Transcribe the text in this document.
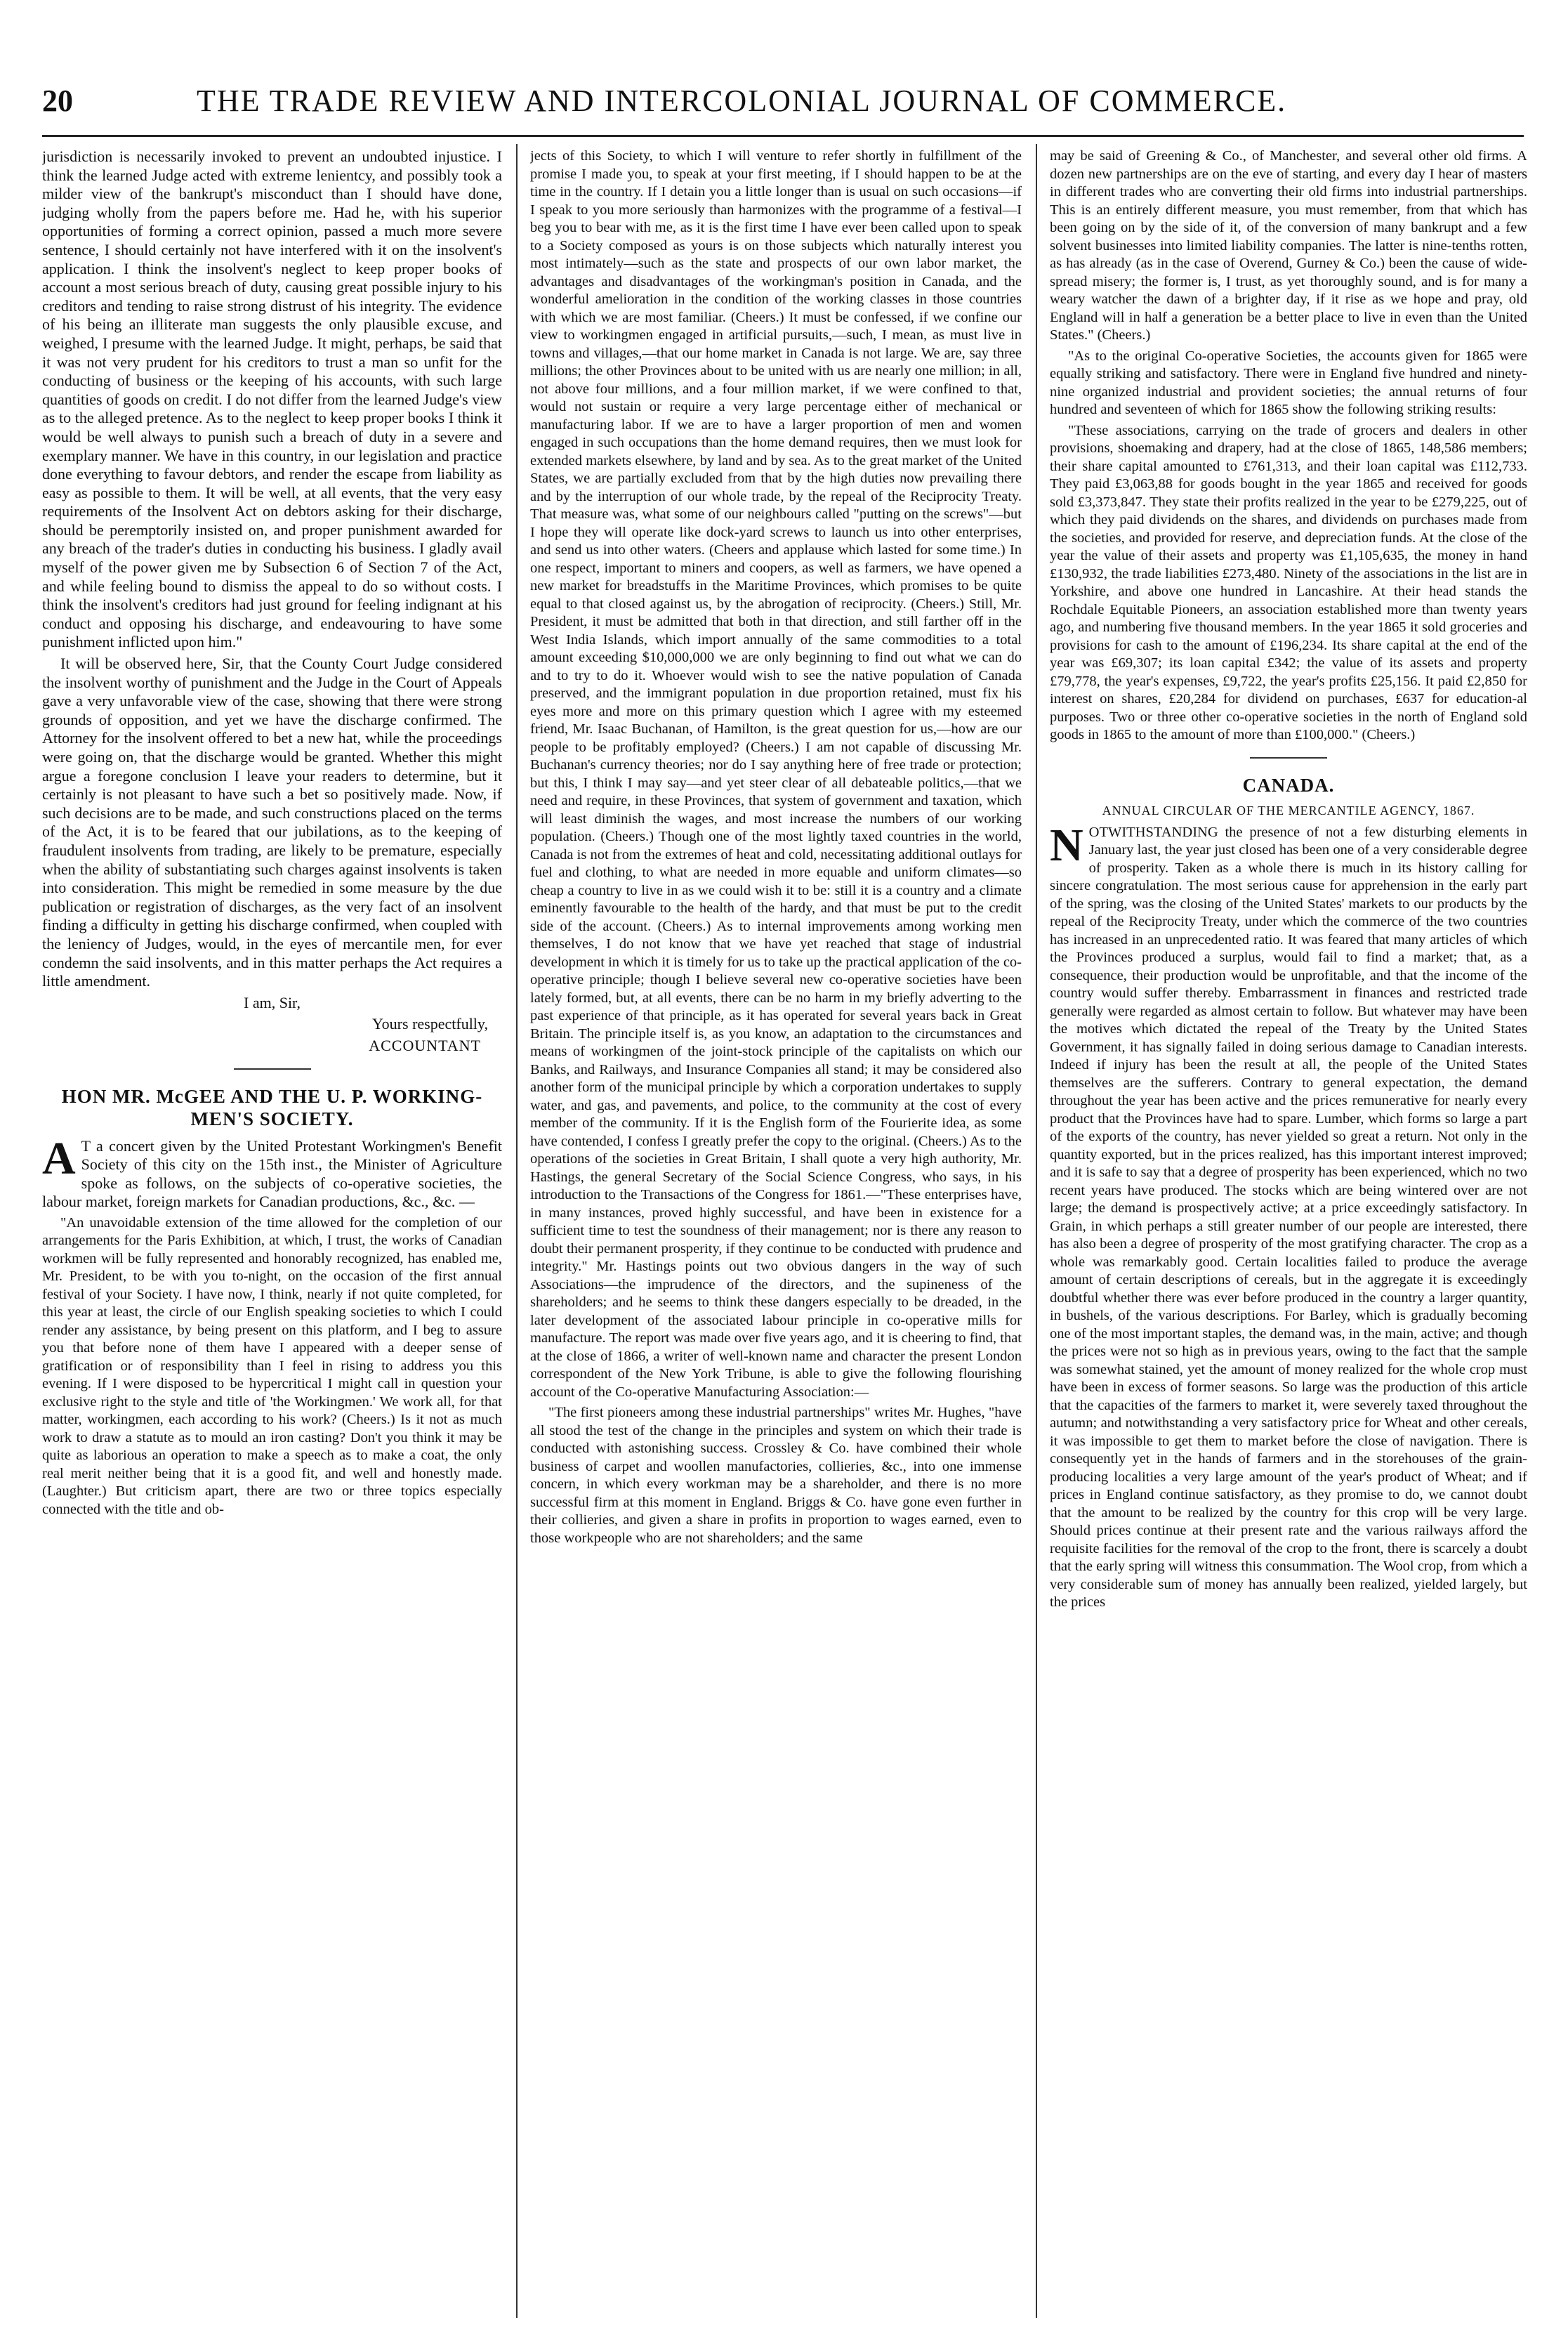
20	THE TRADE REVIEW AND INTERCOLONIAL JOURNAL OF COMMERCE.

jurisdiction is necessarily invoked to prevent an undoubted injustice. I think the learned Judge acted with extreme lenientcy, and possibly took a milder view of the bankrupt's misconduct than I should have done, judging wholly from the papers before me. Had he, with his superior opportunities of forming a correct opinion, passed a much more severe sentence, I should certainly not have interfered with it on the insolvent's application. I think the insolvent's neglect to keep proper books of account a most serious breach of duty, causing great possible injury to his creditors and tending to raise strong distrust of his integrity. The evidence of his being an illiterate man suggests the only plausible excuse, and weighed, I presume with the learned Judge. It might, perhaps, be said that it was not very prudent for his creditors to trust a man so unfit for the conducting of business or the keeping of his accounts, with such large quantities of goods on credit. I do not differ from the learned Judge's view as to the alleged pretence. As to the neglect to keep proper books I think it would be well always to punish such a breach of duty in a severe and exemplary manner. We have in this country, in our legislation and practice done everything to favour debtors, and render the escape from liability as easy as possible to them. It will be well, at all events, that the very easy requirements of the Insolvent Act on debtors asking for their discharge, should be peremptorily insisted on, and proper punishment awarded for any breach of the trader's duties in conducting his business. I gladly avail myself of the power given me by Subsection 6 of Section 7 of the Act, and while feeling bound to dismiss the appeal to do so without costs. I think the insolvent's creditors had just ground for feeling indignant at his conduct and opposing his discharge, and endeavouring to have some punishment inflicted upon him."

It will be observed here, Sir, that the County Court Judge considered the insolvent worthy of punishment and the Judge in the Court of Appeals gave a very unfavorable view of the case, showing that there were strong grounds of opposition, and yet we have the discharge confirmed. The Attorney for the insolvent offered to bet a new hat, while the proceedings were going on, that the discharge would be granted. Whether this might argue a foregone conclusion I leave your readers to determine, but it certainly is not pleasant to have such a bet so positively made. Now, if such decisions are to be made, and such constructions placed on the terms of the Act, it is to be feared that our jubilations, as to the keeping of fraudulent insolvents from trading, are likely to be premature, especially when the ability of substantiating such charges against insolvents is taken into consideration. This might be remedied in some measure by the due publication or registration of discharges, as the very fact of an insolvent finding a difficulty in getting his discharge confirmed, when coupled with the leniency of Judges, would, in the eyes of mercantile men, for ever condemn the said insolvents, and in this matter perhaps the Act requires a little amendment.

I am, Sir,

Yours respectfully,

ACCOUNTANT

HON MR. McGEE AND THE U. P. WORKING-MEN'S SOCIETY.

A T a concert given by the United Protestant Workingmen's Benefit Society of this city on the 15th inst., the Minister of Agriculture spoke as follows, on the subjects of co-operative societies, the labour market, foreign markets for Canadian productions, &c., &c. —

"An unavoidable extension of the time allowed for the completion of our arrangements for the Paris Exhibition, at which, I trust, the works of Canadian workmen will be fully represented and honorably recognized, has enabled me, Mr. President, to be with you to-night, on the occasion of the first annual festival of your Society. I have now, I think, nearly if not quite completed, for this year at least, the circle of our English speaking societies to which I could render any assistance, by being present on this platform, and I beg to assure you that before none of them have I appeared with a deeper sense of gratification or of responsibility than I feel in rising to address you this evening. If I were disposed to be hypercritical I might call in question your exclusive right to the style and title of 'the Workingmen.' We work all, for that matter, workingmen, each according to his work? (Cheers.) Is it not as much work to draw a statute as to mould an iron casting? Don't you think it may be quite as laborious an operation to make a speech as to make a coat, the only real merit neither being that it is a good fit, and well and honestly made. (Laughter.) But criticism apart, there are two or three topics especially connected with the title and ob-

jects of this Society, to which I will venture to refer shortly in fulfillment of the promise I made you, to speak at your first meeting, if I should happen to be at the time in the country. If I detain you a little longer than is usual on such occasions—if I speak to you more seriously than harmonizes with the programme of a festival—I beg you to bear with me, as it is the first time I have ever been called upon to speak to a Society composed as yours is on those subjects which naturally interest you most intimately—such as the state and prospects of our own labor market, the advantages and disadvantages of the workingman's position in Canada, and the wonderful amelioration in the condition of the working classes in those countries with which we are most familiar. (Cheers.) It must be confessed, if we confine our view to workingmen engaged in artificial pursuits,—such, I mean, as must live in towns and villages,—that our home market in Canada is not large. We are, say three millions; the other Provinces about to be united with us are nearly one million; in all, not above four millions, and a four million market, if we were confined to that, would not sustain or require a very large percentage either of mechanical or manufacturing labor. If we are to have a larger proportion of men and women engaged in such occupations than the home demand requires, then we must look for extended markets elsewhere, by land and by sea. As to the great market of the United States, we are partially excluded from that by the high duties now prevailing there and by the interruption of our whole trade, by the repeal of the Reciprocity Treaty. That measure was, what some of our neighbours called "putting on the screws"—but I hope they will operate like dock-yard screws to launch us into other enterprises, and send us into other waters. (Cheers and applause which lasted for some time.) In one respect, important to miners and coopers, as well as farmers, we have opened a new market for breadstuffs in the Maritime Provinces, which promises to be quite equal to that closed against us, by the abrogation of reciprocity. (Cheers.) Still, Mr. President, it must be admitted that both in that direction, and still farther off in the West India Islands, which import annually of the same commodities to a total amount exceeding $10,000,000 we are only beginning to find out what we can do and to try to do it. Whoever would wish to see the native population of Canada preserved, and the immigrant population in due proportion retained, must fix his eyes more and more on this primary question which I agree with my esteemed friend, Mr. Isaac Buchanan, of Hamilton, is the great question for us,—how are our people to be profitably employed? (Cheers.) I am not capable of discussing Mr. Buchanan's currency theories; nor do I say anything here of free trade or protection; but this, I think I may say—and yet steer clear of all debateable politics,—that we need and require, in these Provinces, that system of government and taxation, which will least diminish the wages, and most increase the numbers of our working population. (Cheers.) Though one of the most lightly taxed countries in the world, Canada is not from the extremes of heat and cold, necessitating additional outlays for fuel and clothing, to what are needed in more equable and uniform climates—so cheap a country to live in as we could wish it to be: still it is a country and a climate eminently favourable to the health of the hardy, and that must be put to the credit side of the account. (Cheers.) As to internal improvements among working men themselves, I do not know that we have yet reached that stage of industrial development in which it is timely for us to take up the practical application of the co-operative principle; though I believe several new co-operative societies have been lately formed, but, at all events, there can be no harm in my briefly adverting to the past experience of that principle, as it has operated for several years back in Great Britain. The principle itself is, as you know, an adaptation to the circumstances and means of workingmen of the joint-stock principle of the capitalists on which our Banks, and Railways, and Insurance Companies all stand; it may be considered also another form of the municipal principle by which a corporation undertakes to supply water, and gas, and pavements, and police, to the community at the cost of every member of the community. If it is the English form of the Fourierite idea, as some have contended, I confess I greatly prefer the copy to the original. (Cheers.) As to the operations of the societies in Great Britain, I shall quote a very high authority, Mr. Hastings, the general Secretary of the Social Science Congress, who says, in his introduction to the Transactions of the Congress for 1861.—"These enterprises have, in many instances, proved highly successful, and have been in existence for a sufficient time to test the soundness of their management; nor is there any reason to doubt their permanent prosperity, if they continue to be conducted with prudence and integrity." Mr. Hastings points out two obvious dangers in the way of such Associations—the imprudence of the directors, and the supineness of the shareholders; and he seems to think these dangers especially to be dreaded, in the later development of the associated labour principle in co-operative mills for manufacture. The report was made over five years ago, and it is cheering to find, that at the close of 1866, a writer of well-known name and character the present London correspondent of the New York Tribune, is able to give the following flourishing account of the Co-operative Manufacturing Association:—

"The first pioneers among these industrial partnerships" writes Mr. Hughes, "have all stood the test of the change in the principles and system on which their trade is conducted with astonishing success. Crossley & Co. have combined their whole business of carpet and woollen manufactories, collieries, &c., into one immense concern, in which every workman may be a shareholder, and there is no more successful firm at this moment in England. Briggs & Co. have gone even further in their collieries, and given a share in profits in proportion to wages earned, even to those workpeople who are not shareholders; and the same

may be said of Greening & Co., of Manchester, and several other old firms. A dozen new partnerships are on the eve of starting, and every day I hear of masters in different trades who are converting their old firms into industrial partnerships. This is an entirely different measure, you must remember, from that which has been going on by the side of it, of the conversion of many bankrupt and a few solvent businesses into limited liability companies. The latter is nine-tenths rotten, as has already (as in the case of Overend, Gurney & Co.) been the cause of wide-spread misery; the former is, I trust, as yet thoroughly sound, and is for many a weary watcher the dawn of a brighter day, if it rise as we hope and pray, old England will in half a generation be a better place to live in even than the United States." (Cheers.)

"As to the original Co-operative Societies, the accounts given for 1865 were equally striking and satisfactory. There were in England five hundred and ninety-nine organized industrial and provident societies; the annual returns of four hundred and seventeen of which for 1865 show the following striking results:

"These associations, carrying on the trade of grocers and dealers in other provisions, shoemaking and drapery, had at the close of 1865, 148,586 members; their share capital amounted to £761,313, and their loan capital was £112,733. They paid £3,063,88 for goods bought in the year 1865 and received for goods sold £3,373,847. They state their profits realized in the year to be £279,225, out of which they paid dividends on the shares, and dividends on purchases made from the societies, and provided for reserve, and depreciation funds. At the close of the year the value of their assets and property was £1,105,635, the money in hand £130,932, the trade liabilities £273,480. Ninety of the associations in the list are in Yorkshire, and above one hundred in Lancashire. At their head stands the Rochdale Equitable Pioneers, an association established more than twenty years ago, and numbering five thousand members. In the year 1865 it sold groceries and provisions for cash to the amount of £196,234. Its share capital at the end of the year was £69,307; its loan capital £342; the value of its assets and property £79,778, the year's expenses, £9,722, the year's profits £25,156. It paid £2,850 for interest on shares, £20,284 for dividend on purchases, £637 for education-al purposes. Two or three other co-operative societies in the north of England sold goods in 1865 to the amount of more than £100,000." (Cheers.)

CANADA.
ANNUAL CIRCULAR OF THE MERCANTILE AGENCY, 1867.

NOTWITHSTANDING the presence of not a few disturbing elements in January last, the year just closed has been one of a very considerable degree of prosperity. Taken as a whole there is much in its history calling for sincere congratulation. The most serious cause for apprehension in the early part of the spring, was the closing of the United States' markets to our products by the repeal of the Reciprocity Treaty, under which the commerce of the two countries has increased in an unprecedented ratio. It was feared that many articles of which the Provinces produced a surplus, would fail to find a market; that, as a consequence, their production would be unprofitable, and that the income of the country would suffer thereby. Embarrassment in finances and restricted trade generally were regarded as almost certain to follow. But whatever may have been the motives which dictated the repeal of the Treaty by the United States Government, it has signally failed in doing serious damage to Canadian interests. Indeed if injury has been the result at all, the people of the United States themselves are the sufferers. Contrary to general expectation, the demand throughout the year has been active and the prices remunerative for nearly every product that the Provinces have had to spare. Lumber, which forms so large a part of the exports of the country, has never yielded so great a return. Not only in the quantity exported, but in the prices realized, has this important interest improved; and it is safe to say that a degree of prosperity has been experienced, which no two recent years have produced. The stocks which are being wintered over are not large; the demand is prospectively active; at a price exceedingly satisfactory. In Grain, in which perhaps a still greater number of our people are interested, there has also been a degree of prosperity of the most gratifying character. The crop as a whole was remarkably good. Certain localities failed to produce the average amount of certain descriptions of cereals, but in the aggregate it is exceedingly doubtful whether there was ever before produced in the country a larger quantity, in bushels, of the various descriptions. For Barley, which is gradually becoming one of the most important staples, the demand was, in the main, active; and though the prices were not so high as in previous years, owing to the fact that the sample was somewhat stained, yet the amount of money realized for the whole crop must have been in excess of former seasons. So large was the production of this article that the capacities of the farmers to market it, were severely taxed throughout the autumn; and notwithstanding a very satisfactory price for Wheat and other cereals, it was impossible to get them to market before the close of navigation. There is consequently yet in the hands of farmers and in the storehouses of the grain-producing localities a very large amount of the year's product of Wheat; and if prices in England continue satisfactory, as they promise to do, we cannot doubt that the amount to be realized by the country for this crop will be very large. Should prices continue at their present rate and the various railways afford the requisite facilities for the removal of the crop to the front, there is scarcely a doubt that the early spring will witness this consummation. The Wool crop, from which a very considerable sum of money has annually been realized, yielded largely, but the prices
